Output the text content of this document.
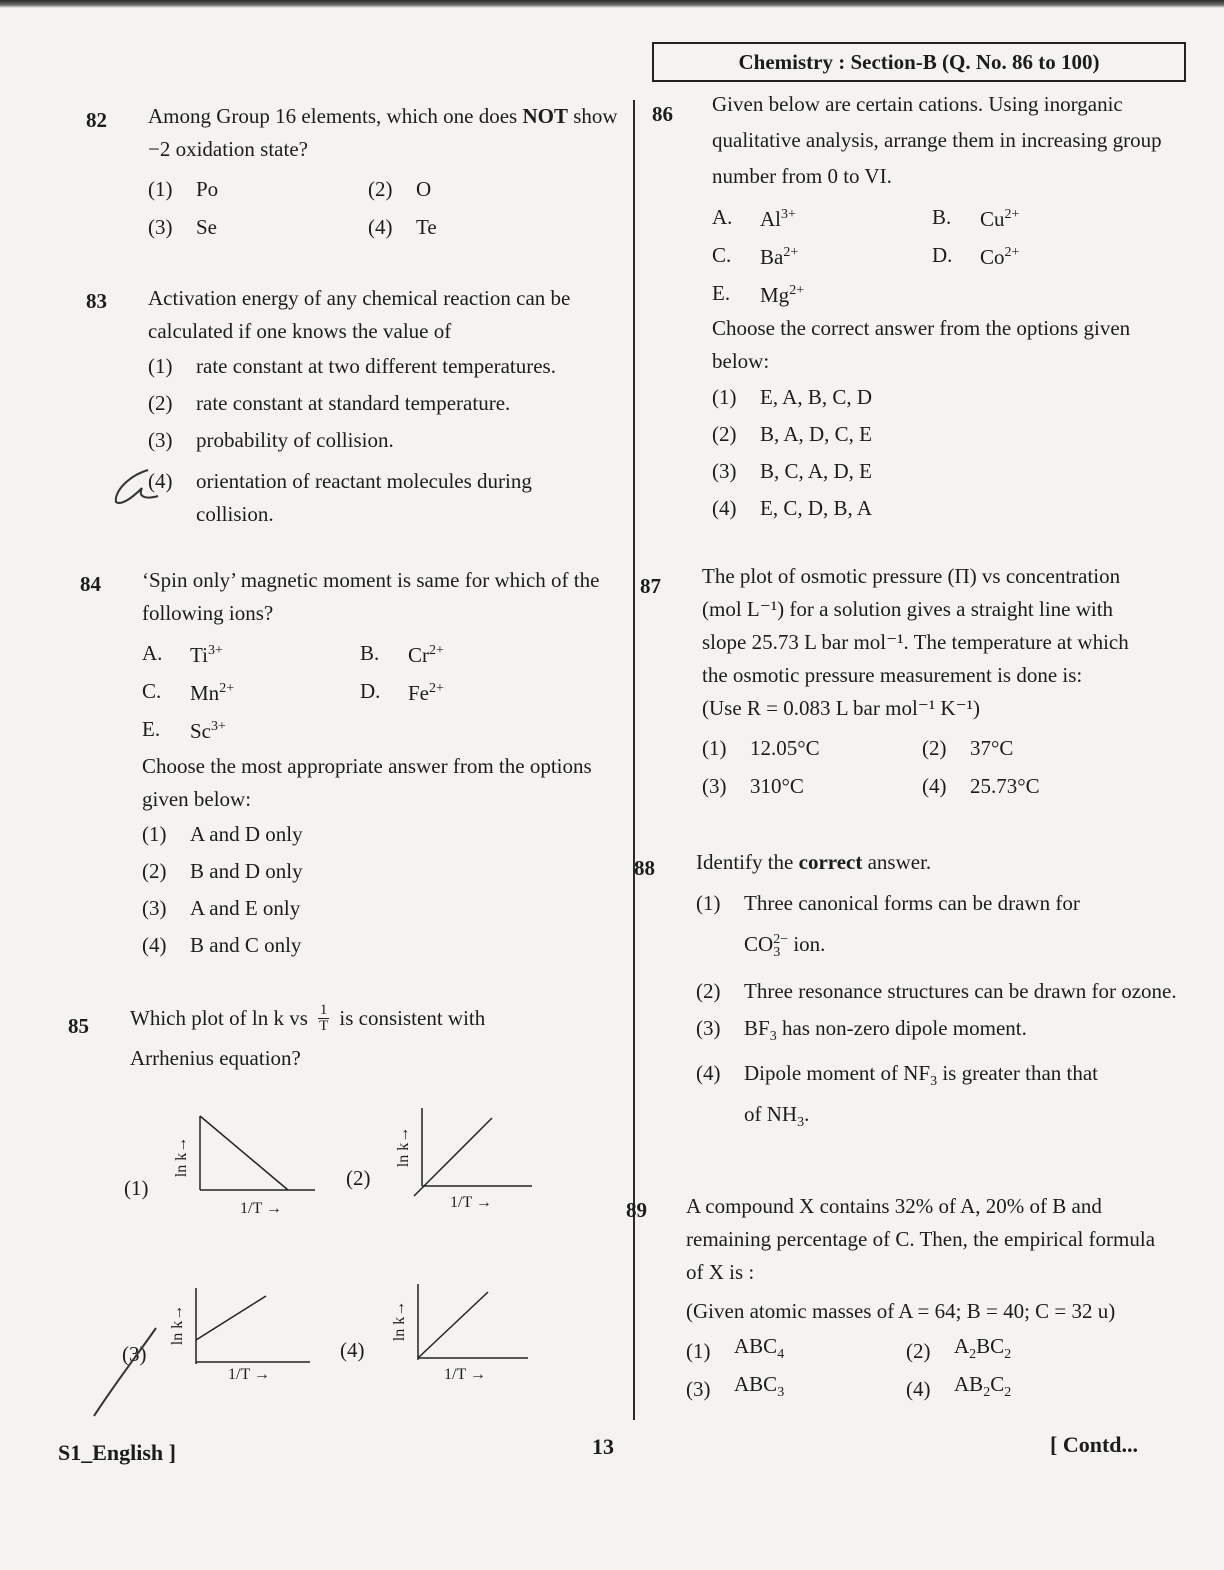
Chemistry : Section-B (Q. No. 86 to 100)
82 Among Group 16 elements, which one does NOT show −2 oxidation state?

(1) Po	(2) O
(3) Se	(4) Te
83 Activation energy of any chemical reaction can be calculated if one knows the value of

(1) rate constant at two different temperatures.
(2) rate constant at standard temperature.
(3) probability of collision.
(4) orientation of reactant molecules during collision.
84 ‘Spin only’ magnetic moment is same for which of the following ions?

A.	$Ti^{3+}$	B.	$Cr^{2+}$
C.	$Mn^{2+}$	D.	$Fe^{2+}$
E.	$Sc^{3+}$

Choose the most appropriate answer from the options given below:

(1) A and D only
(2) B and D only
(3) A and E only
(4) B and C only
85 Which plot of ln k vs 1
T is consistent with
Arrhenius equation?
(1)
ln k→
1/T →
(2)
ln k→
1/T →
(3)
ln k→
1/T →
(4)
ln k→
1/T →
86 Given below are certain cations. Using inorganic qualitative analysis, arrange them in increasing group number from 0 to VI.

A.	$Al^{3+}$	B.	$Cu^{2+}$
C.	$Ba^{2+}$	D.	$Co^{2+}$
E.	$Mg^{2+}$

Choose the correct answer from the options given below:

(1) E, A, B, C, D
(2) B, A, D, C, E
(3) B, C, A, D, E
(4) E, C, D, B, A
87 The plot of osmotic pressure (Π) vs concentration
(mol L⁻¹) for a solution gives a straight line with
slope 25.73 L bar mol⁻¹. The temperature at which
the osmotic pressure measurement is done is:
(Use R = 0.083 L bar mol⁻¹ K⁻¹)
(1) 12.05°C	(2) 37°C
(3) 310°C	(4) 25.73°C
88 Identify the correct answer.
(1) Three canonical forms can be drawn for
CO 2−
3 ion.
(2) Three resonance structures can be drawn for ozone.
(3) $BF_3$ has non-zero dipole moment.
(4) Dipole moment of $NF_3$ is greater than that
of $NH_3$.
89 A compound X contains 32% of A, 20% of B and remaining percentage of C. Then, the empirical formula of X is :

(Given atomic masses of A = 64; B = 40; C = 32 u)

(1) $ABC_4$	(2) $A_2BC_2$
(3) $ABC_3$	(4) $AB_2C_2$
S1_English ]	13	[ Contd...
